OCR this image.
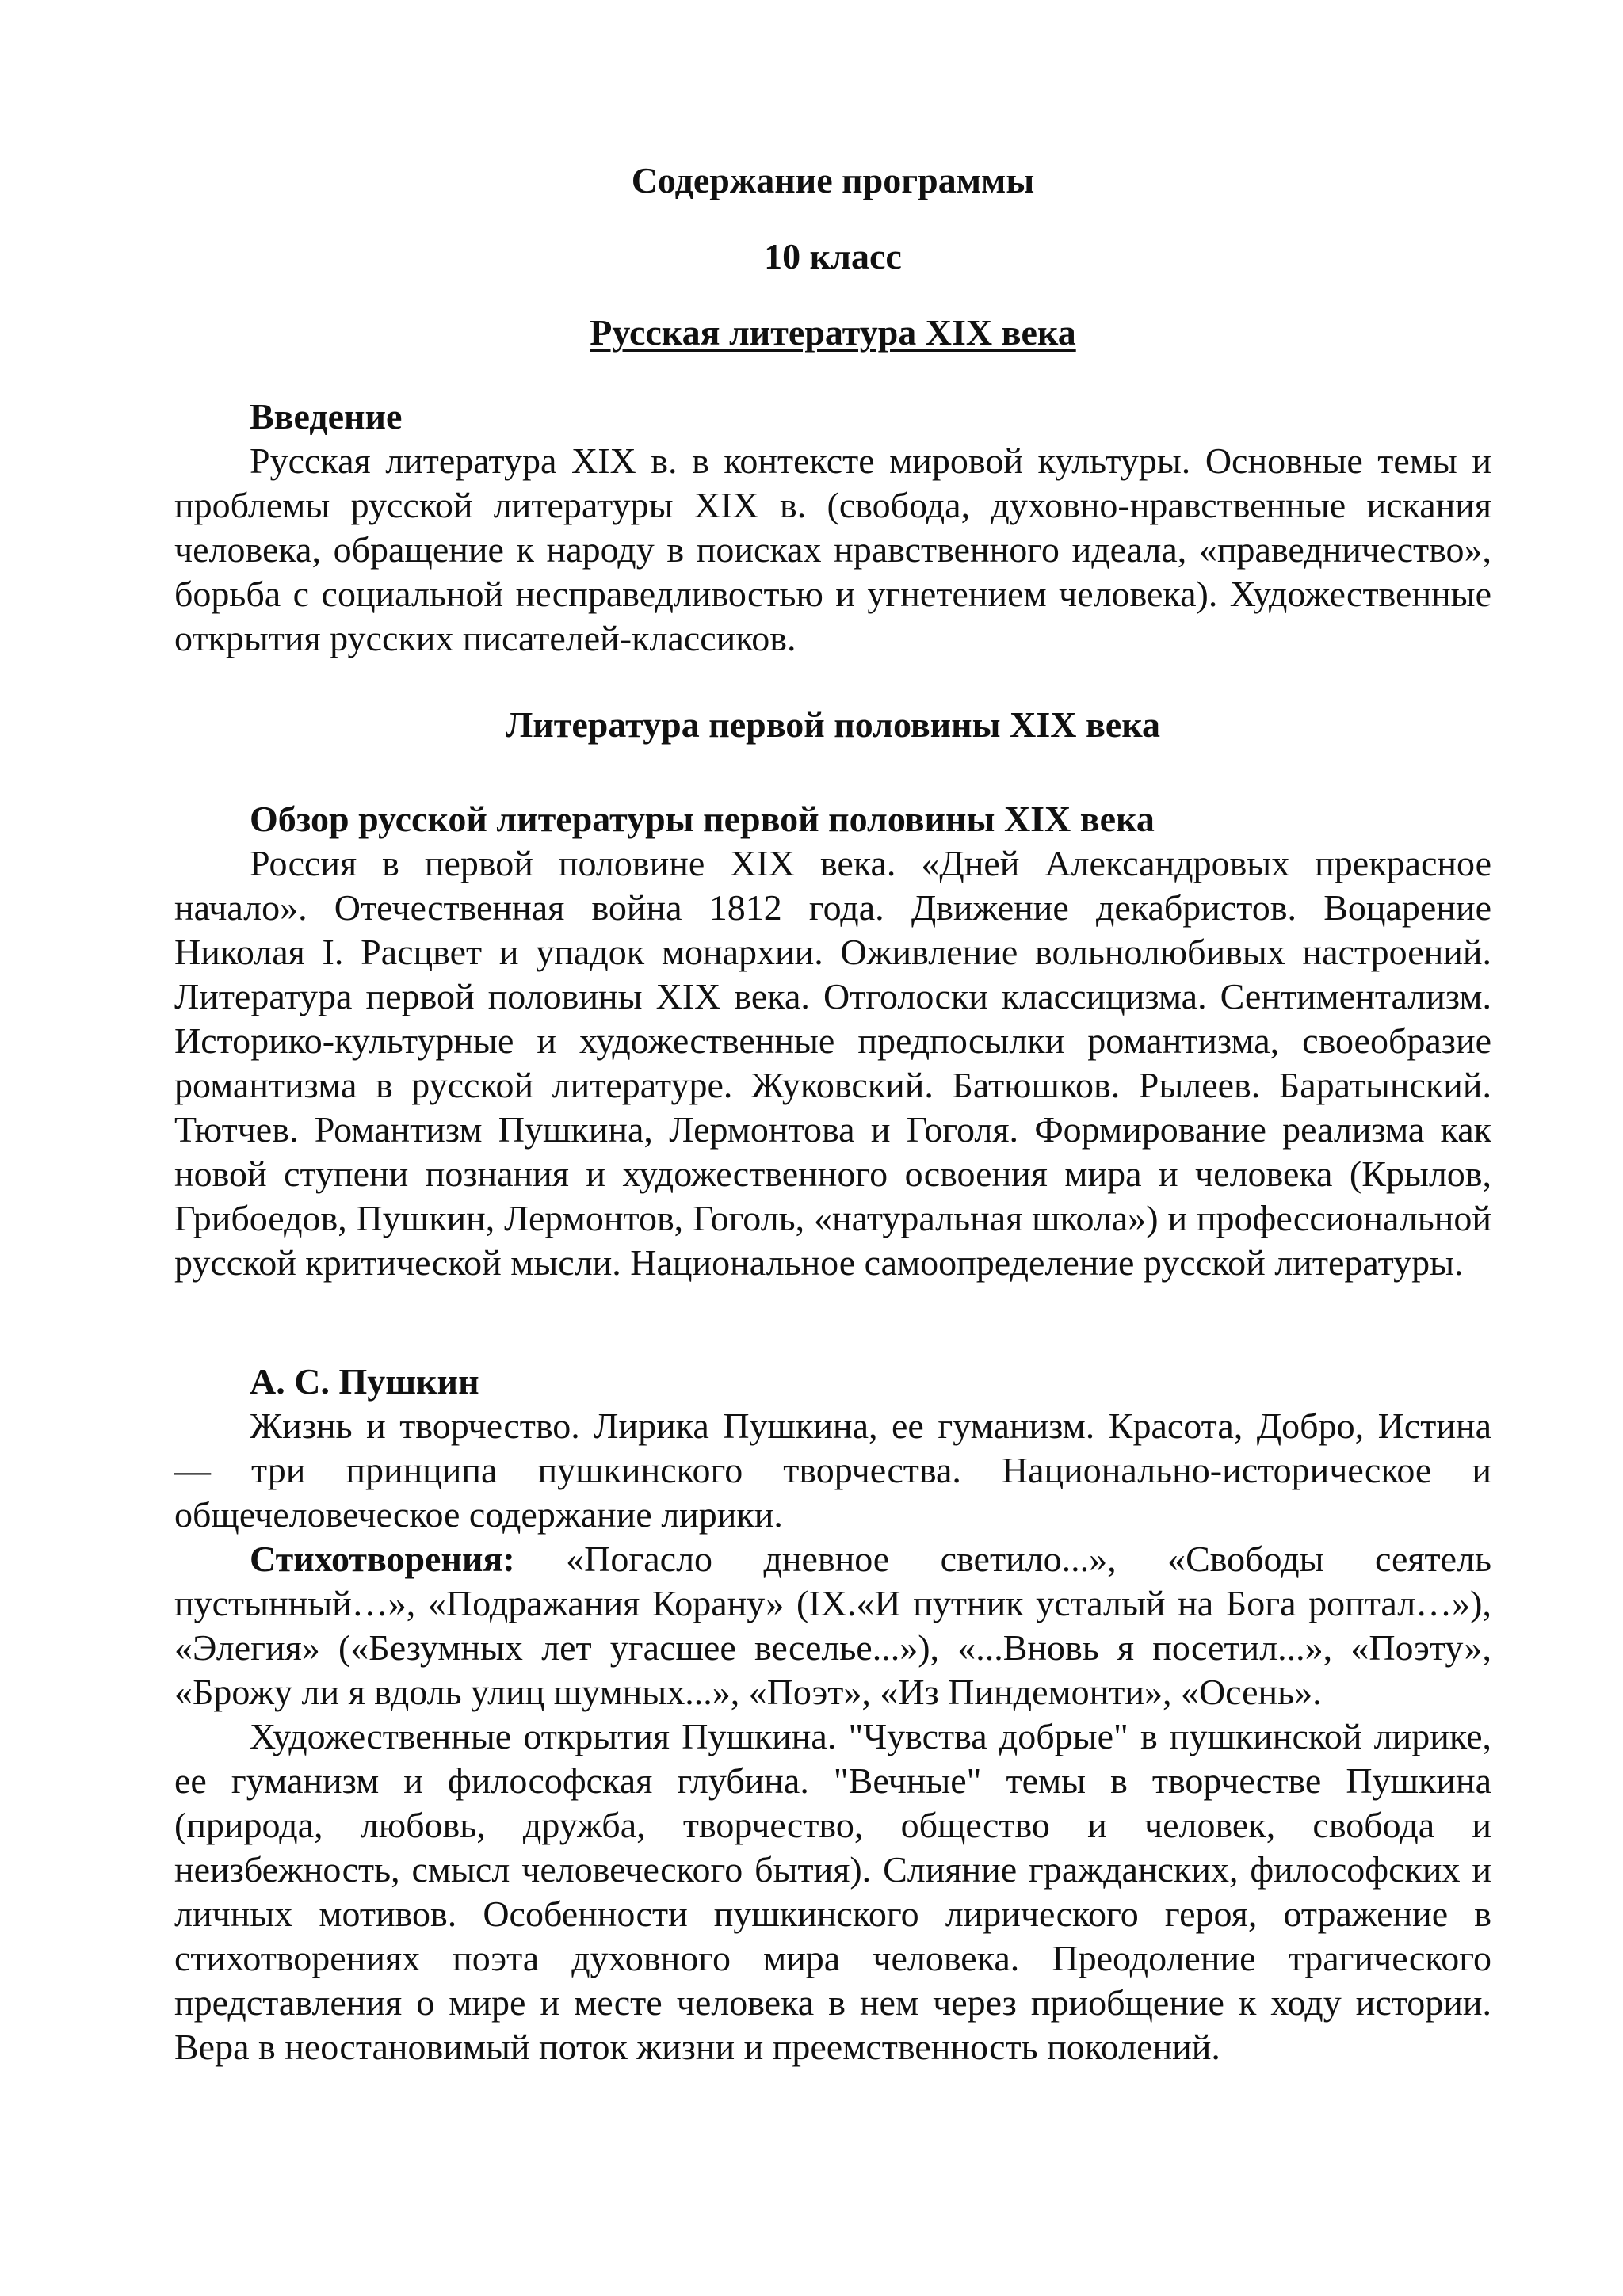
Содержание программы
10 класс
Русская литература XIX века
Введение

Русская литература XIX в. в контексте мировой культуры. Основные темы и проблемы русской литературы XIX в. (свобода, духовно-нравственные искания человека, обращение к народу в поисках нравственного идеала, «праведничество», борьба с социальной несправедливостью и угнетением человека). Художественные открытия русских писателей-классиков.

Литература первой половины XIX века
Обзор русской литературы первой половины XIX века

Россия в первой половине XIX века. «Дней Александровых прекрасное начало». Отечественная война 1812 года. Движение декабристов. Воцарение Николая I. Расцвет и упадок монархии. Оживление вольнолюбивых настроений. Литература первой половины XIX века. Отголоски классицизма. Сентиментализм. Историко-культурные и художественные предпосылки романтизма, своеобразие романтизма в русской литературе. Жуковский. Батюшков. Рылеев. Баратынский. Тютчев. Романтизм Пушкина, Лермонтова и Гоголя. Формирование реализма как новой ступени познания и художественного освоения мира и человека (Крылов, Грибоедов, Пушкин, Лермонтов, Гоголь, «натуральная школа») и профессиональной русской критической мысли. Национальное самоопределение русской литературы.

А. С. Пушкин

Жизнь и творчество. Лирика Пушкина, ее гуманизм. Красота, Добро, Истина — три принципа пушкинского творчества. Национально-историческое и общечеловеческое содержание лирики.

Стихотворения: «Погасло дневное светило...», «Свободы сеятель пустынный…», «Подражания Корану» (IX.«И путник усталый на Бога роптал…»), «Элегия» («Безумных лет угасшее веселье...»), «...Вновь я посетил...», «Поэту», «Брожу ли я вдоль улиц шумных...», «Поэт», «Из Пиндемонти», «Осень».

Художественные открытия Пушкина. "Чувства добрые" в пушкинской лирике, ее гуманизм и философская глубина. "Вечные" темы в творчестве Пушкина (природа, любовь, дружба, творчество, общество и человек, свобода и неизбежность, смысл человеческого бытия). Слияние гражданских, философских и личных мотивов. Особенности пушкинского лирического героя, отражение в стихотворениях поэта духовного мира человека. Преодоление трагического представления о мире и месте человека в нем через приобщение к ходу истории. Вера в неостановимый поток жизни и преемственность поколений.
